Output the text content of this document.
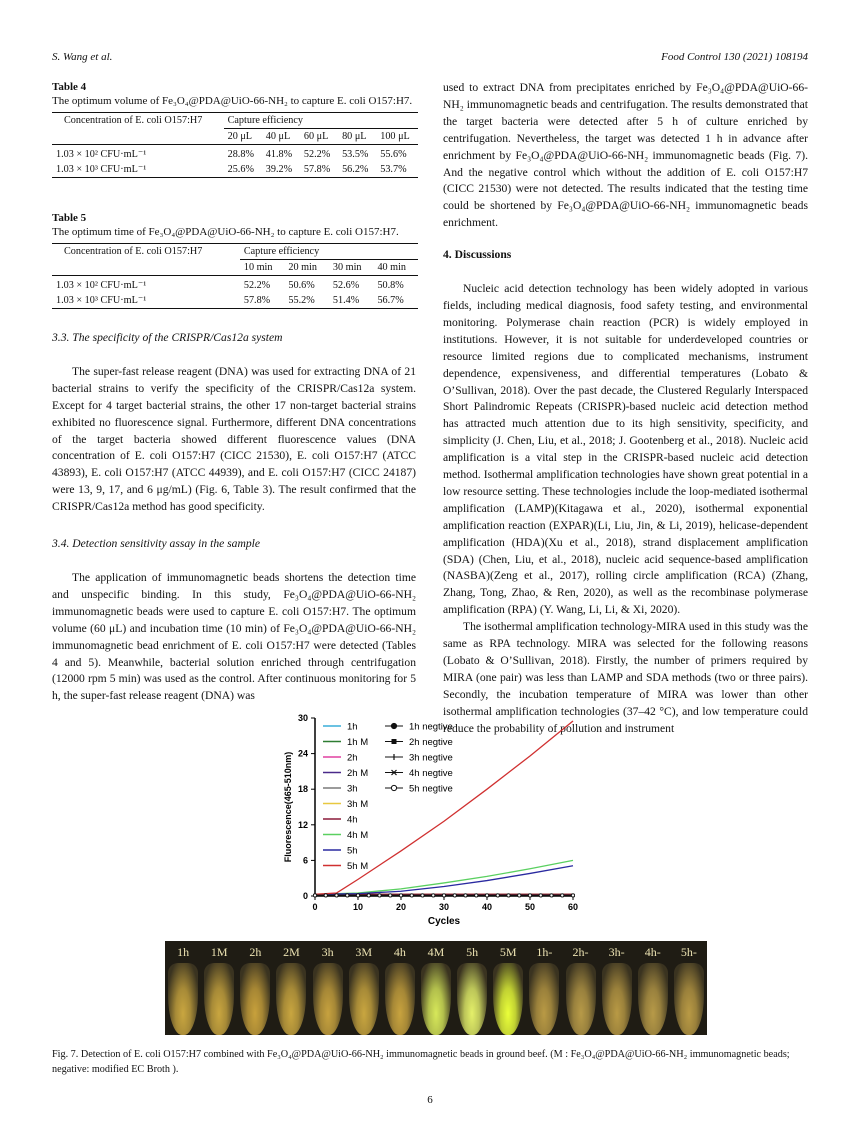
S. Wang et al.	Food Control 130 (2021) 108194
Table 4
The optimum volume of Fe₃O₄@PDA@UiO-66-NH₂ to capture E. coli O157:H7.
Concentration of E. coli O157:H7	Capture efficiency				
	20 μL	40 μL	60 μL	80 μL	100 μL
1.03 × 10² CFU·mL⁻¹	28.8%	41.8%	52.2%	53.5%	55.6%
1.03 × 10³ CFU·mL⁻¹	25.6%	39.2%	57.8%	56.2%	53.7%
Table 5
The optimum time of Fe₃O₄@PDA@UiO-66-NH₂ to capture E. coli O157:H7.
Concentration of E. coli O157:H7	Capture efficiency			
	10 min	20 min	30 min	40 min
1.03 × 10² CFU·mL⁻¹	52.2%	50.6%	52.6%	50.8%
1.03 × 10³ CFU·mL⁻¹	57.8%	55.2%	51.4%	56.7%

3.3. The specificity of the CRISPR/Cas12a system

The super-fast release reagent (DNA) was used for extracting DNA of 21 bacterial strains to verify the specificity of the CRISPR/Cas12a system. Except for 4 target bacterial strains, the other 17 non-target bacterial strains exhibited no fluorescence signal. Furthermore, different DNA concentrations of the target bacteria showed different fluorescence values (DNA concentration of E. coli O157:H7 (CICC 21530), E. coli O157:H7 (ATCC 43893), E. coli O157:H7 (ATCC 44939), and E. coli O157:H7 (CICC 24187) were 13, 9, 17, and 6 μg/mL) (Fig. 6, Table 3). The result confirmed that the CRISPR/Cas12a method has good specificity.

3.4. Detection sensitivity assay in the sample

The application of immunomagnetic beads shortens the detection time and unspecific binding. In this study, Fe₃O₄@PDA@UiO-66-NH₂ immunomagnetic beads were used to capture E. coli O157:H7. The optimum volume (60 μL) and incubation time (10 min) of Fe₃O₄@PDA@UiO-66-NH₂ immunomagnetic bead enrichment of E. coli O157:H7 were detected (Tables 4 and 5). Meanwhile, bacterial solution enriched through centrifugation (12000 rpm 5 min) was used as the control. After continuous monitoring for 5 h, the super-fast release reagent (DNA) was

used to extract DNA from precipitates enriched by Fe₃O₄@PDA@UiO-66-NH₂ immunomagnetic beads and centrifugation. The results demonstrated that the target bacteria were detected after 5 h of culture enriched by centrifugation. Nevertheless, the target was detected 1 h in advance after enrichment by Fe₃O₄@PDA@UiO-66-NH₂ immunomagnetic beads (Fig. 7). And the negative control which without the addition of E. coli O157:H7 (CICC 21530) were not detected. The results indicated that the testing time could be shortened by Fe₃O₄@PDA@UiO-66-NH₂ immunomagnetic beads enrichment.

4. Discussions

Nucleic acid detection technology has been widely adopted in various fields, including medical diagnosis, food safety testing, and environmental monitoring. Polymerase chain reaction (PCR) is widely employed in institutions. However, it is not suitable for underdeveloped countries or resource limited regions due to complicated mechanisms, instrument dependence, expensiveness, and differential temperatures (Lobato & O’Sullivan, 2018). Over the past decade, the Clustered Regularly Interspaced Short Palindromic Repeats (CRISPR)-based nucleic acid detection method has attracted much attention due to its high sensitivity, specificity, and simplicity (J. Chen, Liu, et al., 2018; J. Gootenberg et al., 2018). Nucleic acid amplification is a vital step in the CRISPR-based nucleic acid detection method. Isothermal amplification technologies have shown great potential in a low resource setting. These technologies include the loop-mediated isothermal amplification (LAMP)(Kitagawa et al., 2020), isothermal exponential amplification reaction (EXPAR)(Li, Liu, Jin, & Li, 2019), helicase-dependent amplification (HDA)(Xu et al., 2018), strand displacement amplification (SDA) (Chen, Liu, et al., 2018), nucleic acid sequence-based amplification (NASBA)(Zeng et al., 2017), rolling circle amplification (RCA) (Zhang, Zhang, Tong, Zhao, & Ren, 2020), as well as the recombinase polymerase amplification (RPA) (Y. Wang, Li, Li, & Xi, 2020).

The isothermal amplification technology-MIRA used in this study was the same as RPA technology. MIRA was selected for the following reasons (Lobato & O’Sullivan, 2018). Firstly, the number of primers required by MIRA (one pair) was less than LAMP and SDA methods (two or three pairs). Secondly, the incubation temperature of MIRA was lower than other isothermal amplification technologies (37–42 °C), and low temperature could reduce the probability of pollution and instrument

0	10	20	30	40	50	60
0
6
12
18
24
30
Cycles
Fluorescence(465-510nm)
1h
1h M
2h
2h M
3h
3h M
4h
4h M
5h
5h M
1h negtive
2h negtive
3h negtive
4h negtive
5h negtive
1h	1M	2h	2M	3h	3M	4h	4M	5h	5M	1h-	2h-	3h-	4h-	5h-
Fig. 7. Detection of E. coli O157:H7 combined with Fe₃O₄@PDA@UiO-66-NH₂ immunomagnetic beads in ground beef. (M : Fe₃O₄@PDA@UiO-66-NH₂ immunomagnetic beads; negative: modified EC Broth ).
6
